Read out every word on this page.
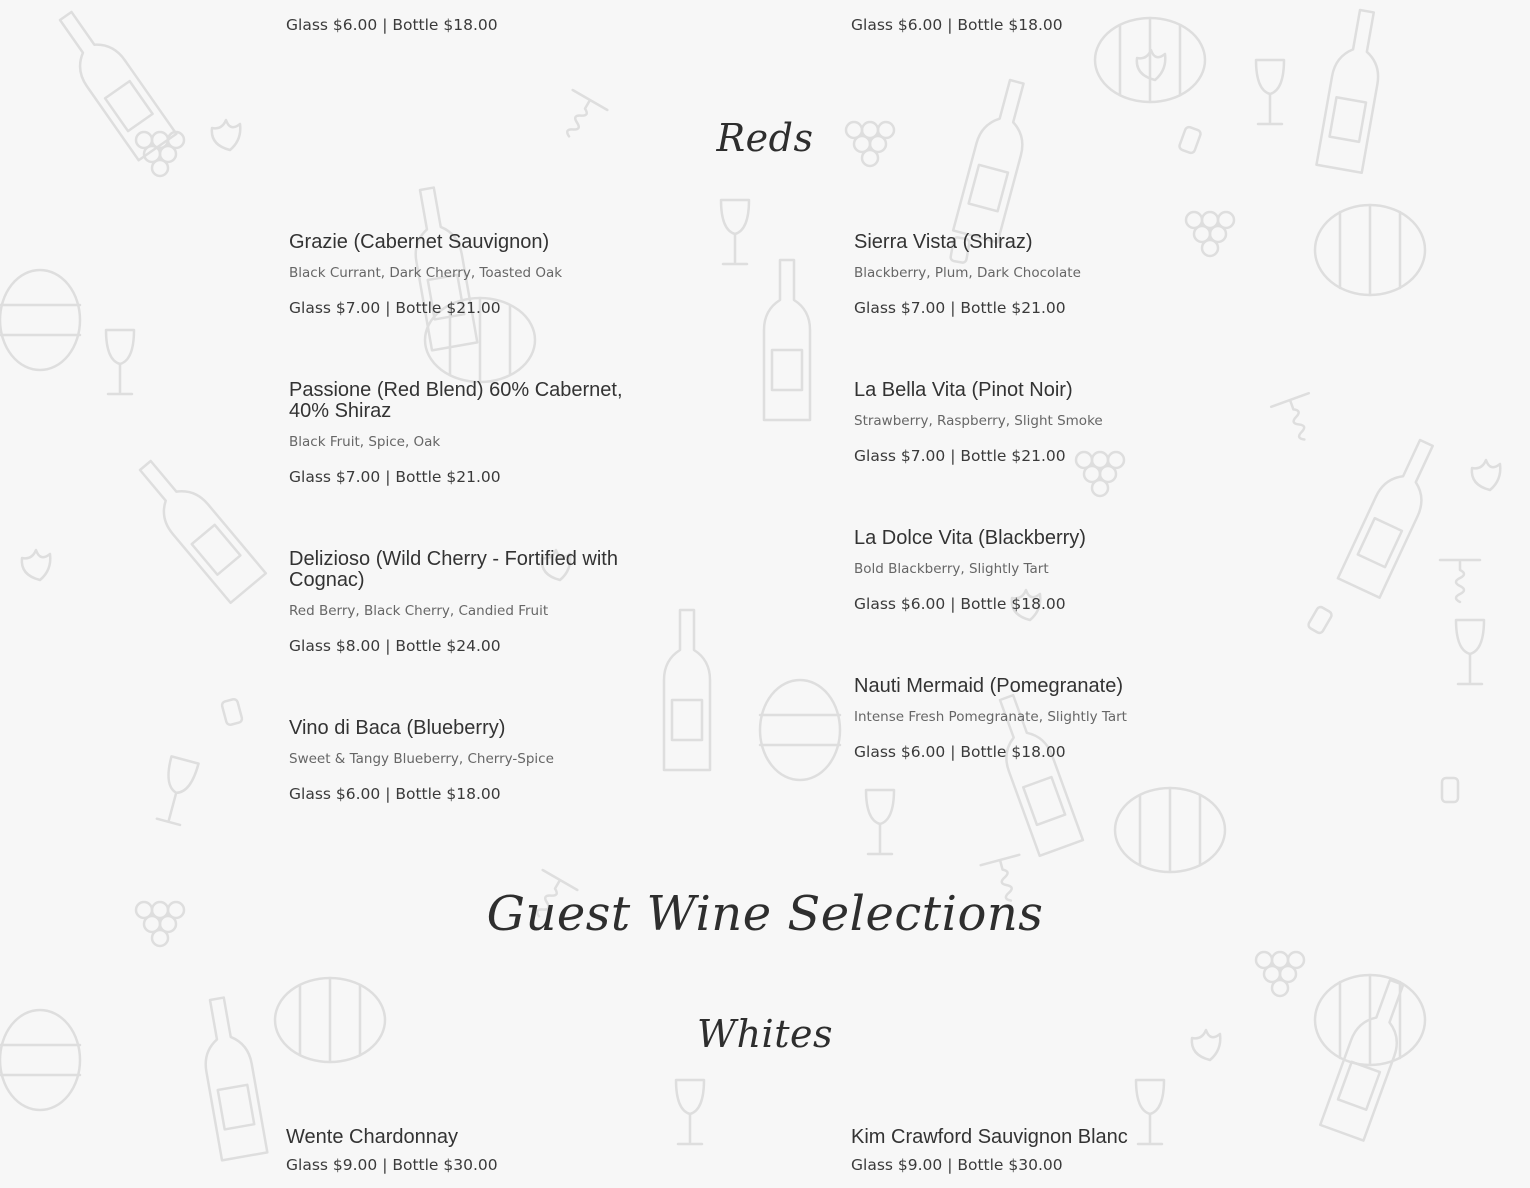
Glass $6.00 | Bottle $18.00	Glass $6.00 | Bottle $18.00
Reds
Grazie (Cabernet Sauvignon)
Black Currant, Dark Cherry, Toasted Oak
Glass $7.00 | Bottle $21.00
Passione (Red Blend) 60% Cabernet,
40% Shiraz
Black Fruit, Spice, Oak
Glass $7.00 | Bottle $21.00
Delizioso (Wild Cherry - Fortified with
Cognac)
Red Berry, Black Cherry, Candied Fruit
Glass $8.00 | Bottle $24.00
Vino di Baca (Blueberry)
Sweet & Tangy Blueberry, Cherry-Spice
Glass $6.00 | Bottle $18.00
Sierra Vista (Shiraz)
Blackberry, Plum, Dark Chocolate
Glass $7.00 | Bottle $21.00
La Bella Vita (Pinot Noir)
Strawberry, Raspberry, Slight Smoke
Glass $7.00 | Bottle $21.00
La Dolce Vita (Blackberry)
Bold Blackberry, Slightly Tart
Glass $6.00 | Bottle $18.00
Nauti Mermaid (Pomegranate)
Intense Fresh Pomegranate, Slightly Tart
Glass $6.00 | Bottle $18.00
Guest Wine Selections
Whites
Wente Chardonnay
Glass $9.00 | Bottle $30.00
Kim Crawford Sauvignon Blanc
Glass $9.00 | Bottle $30.00
